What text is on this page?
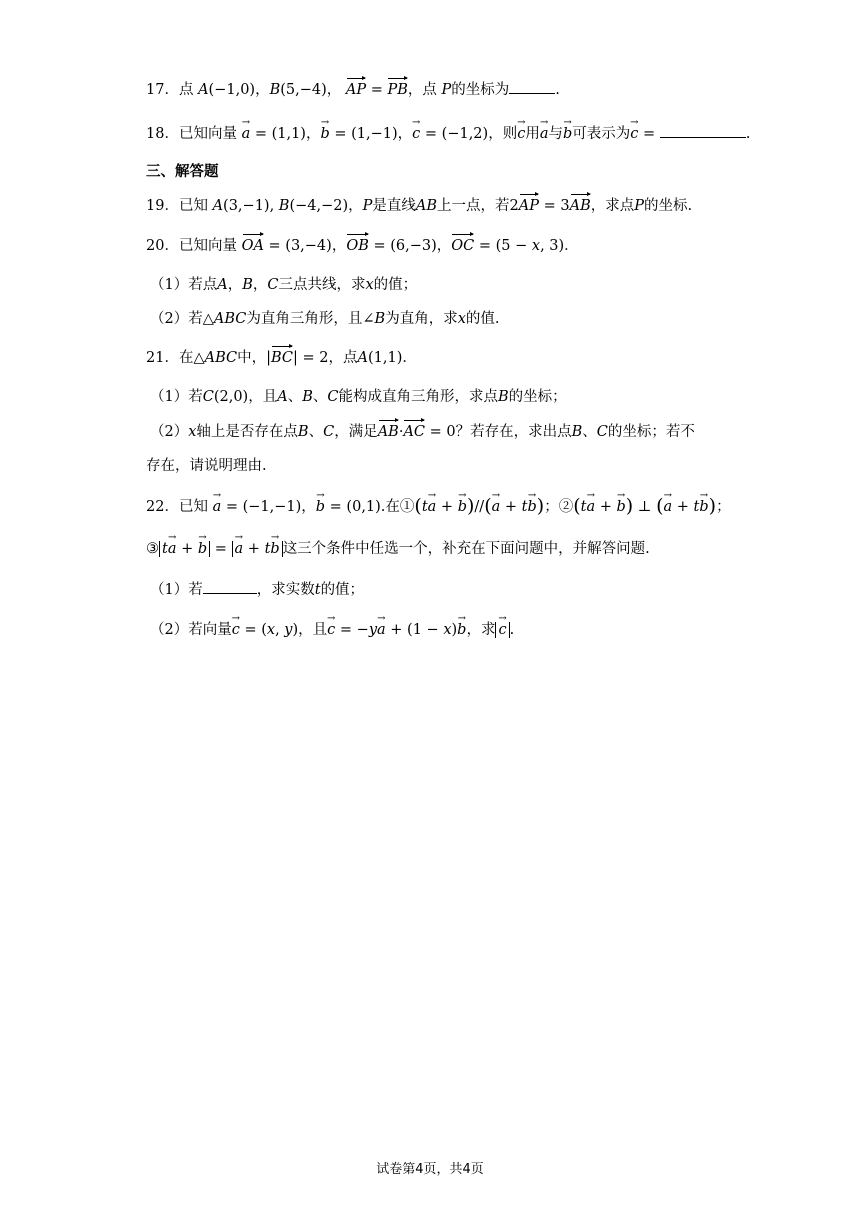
17．点 A(−1,0)，B(5,−4)， AP = PB，点 P的坐标为	.
18．已知向量 a → = (1,1)，b → = (1,−1)，c → = (−1,2)，则c →用a →与b →可表示为c → =	.
三、解答题
19．已知 A(3,−1), B(−4,−2)，P是直线AB上一点，若2AP = 3AB，求点P的坐标.
20．已知向量 OA = (3,−4)，OB = (6,−3)，OC = (5 − x, 3)．
（1）若点A，B，C三点共线，求x的值；
（2）若△ABC为直角三角形，且∠B为直角，求x的值.
21．在△ABC中，|BC| = 2，点A(1,1)．
（1）若C(2,0)，且A、B、C能构成直角三角形，求点B的坐标；
（2）x轴上是否存在点B、C，满足AB·AC = 0？若存在，求出点B、C的坐标；若不
存在，请说明理由.
22．已知 a → = (−1,−1)，b → = (0,1).在①(ta → + b →)//(a → + tb →)；②(ta → + b →) ⊥ (a → + tb →)；
③ ta → + b → = a → + tb → 这三个条件中任选一个，补充在下面问题中，并解答问题.
（1）若	，求实数t的值；
（2）若向量c → = (x, y)，且c → = −ya → + (1 − x)b →，求 c → .
试卷第4页，共4页
